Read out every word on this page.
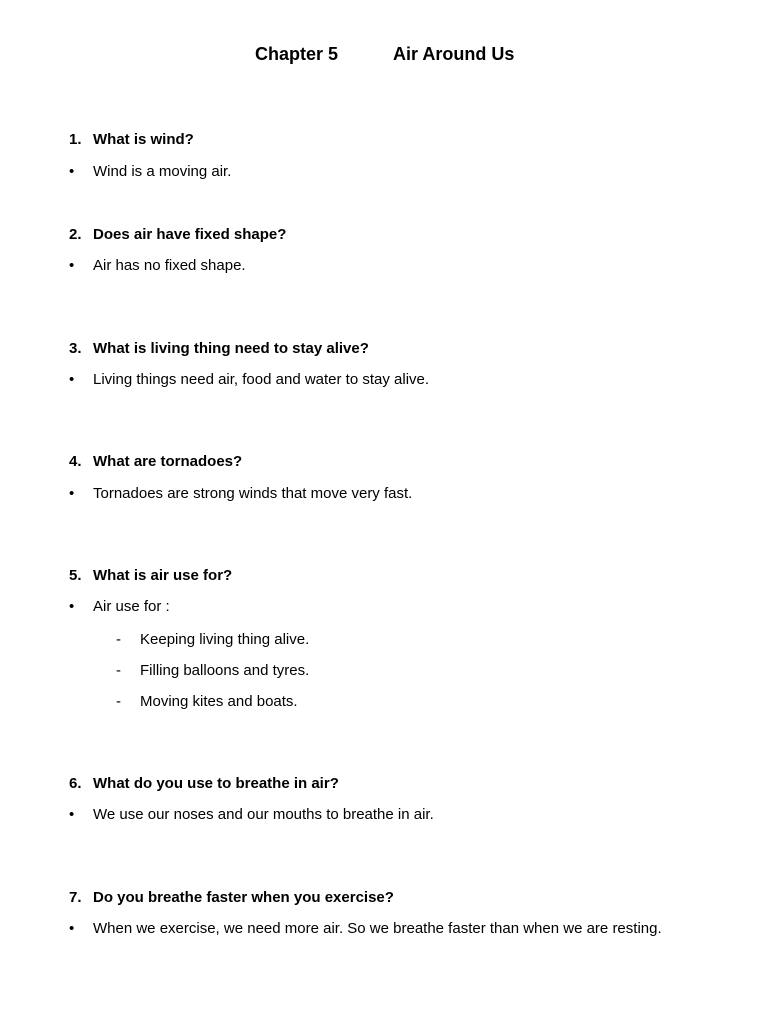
Chapter 5	Air Around Us
1. What is wind?
• Wind is a moving air.
2. Does air have fixed shape?
• Air has no fixed shape.
3. What is living thing need to stay alive?
• Living things need air, food and water to stay alive.
4. What are tornadoes?
• Tornadoes are strong winds that move very fast.
5. What is air use for?
• Air use for :
- Keeping living thing alive.
- Filling balloons and tyres.
- Moving kites and boats.
6. What do you use to breathe in air?
• We use our noses and our mouths to breathe in air.
7. Do you breathe faster when you exercise?
• When we exercise, we need more air. So we breathe faster than when we are resting.
